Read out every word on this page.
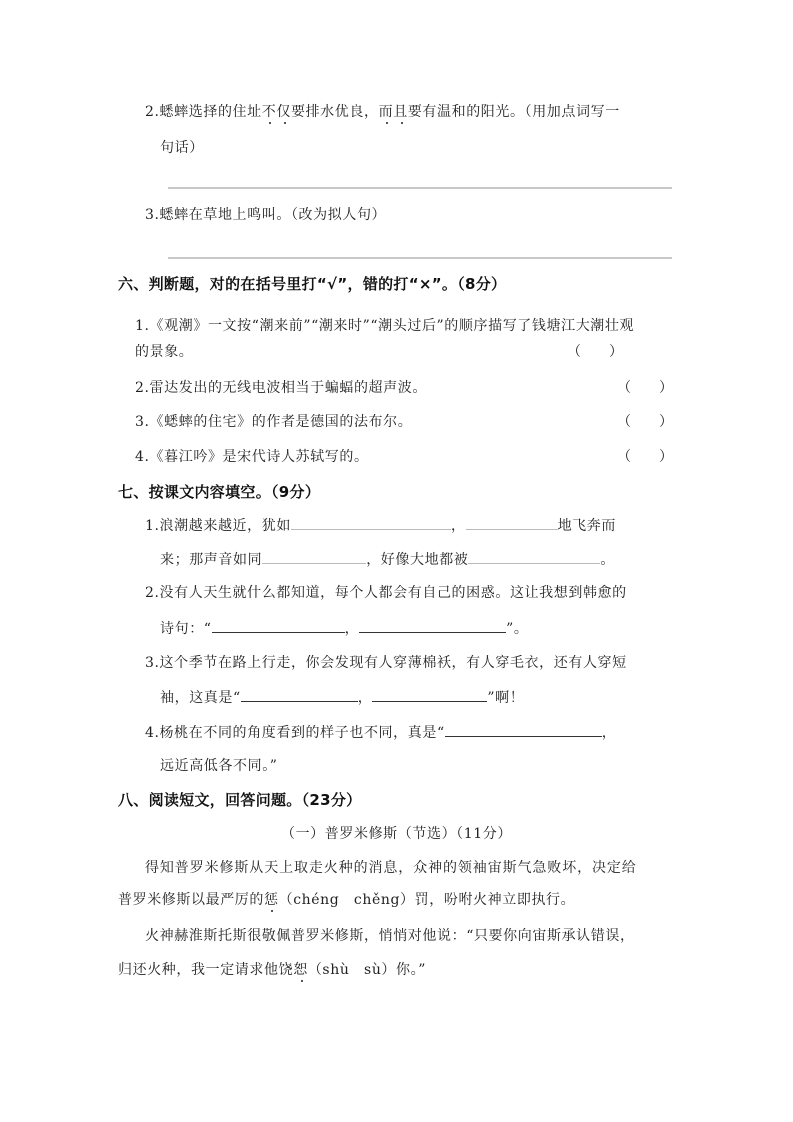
2.蟋蟀选择的住址不仅要排水优良，而且要有温和的阳光。（用加点词写一
句话）
3.蟋蟀在草地上鸣叫。（改为拟人句）
六、判断题，对的在括号里打“√”，错的打“×”。（8分）
1.《观潮》一文按“潮来前”“潮来时”“潮头过后”的顺序描写了钱塘江大潮壮观
的景象。	（　　）
2.雷达发出的无线电波相当于蝙蝠的超声波。	（　　）
3.《蟋蟀的住宅》的作者是德国的法布尔。	（　　）
4.《暮江吟》是宋代诗人苏轼写的。	（　　）
七、按课文内容填空。（9分）
1.浪潮越来越近，犹如	，	地飞奔而
来；那声音如同	，好像大地都被	。
2.没有人天生就什么都知道，每个人都会有自己的困惑。这让我想到韩愈的
诗句：“	，	”。
3.这个季节在路上行走，你会发现有人穿薄棉袄，有人穿毛衣，还有人穿短
袖，这真是“	，	”啊！
4.杨桃在不同的角度看到的样子也不同，真是“	，
远近高低各不同。”
八、阅读短文，回答问题。（23分）
（一）普罗米修斯（节选）（11分）
得知普罗米修斯从天上取走火种的消息，众神的领袖宙斯气急败坏，决定给
普罗米修斯以最严厉的惩（chéng　chěng）罚，吩咐火神立即执行。
火神赫淮斯托斯很敬佩普罗米修斯，悄悄对他说：“只要你向宙斯承认错误，
归还火种，我一定请求他饶恕（shù　sù）你。”
